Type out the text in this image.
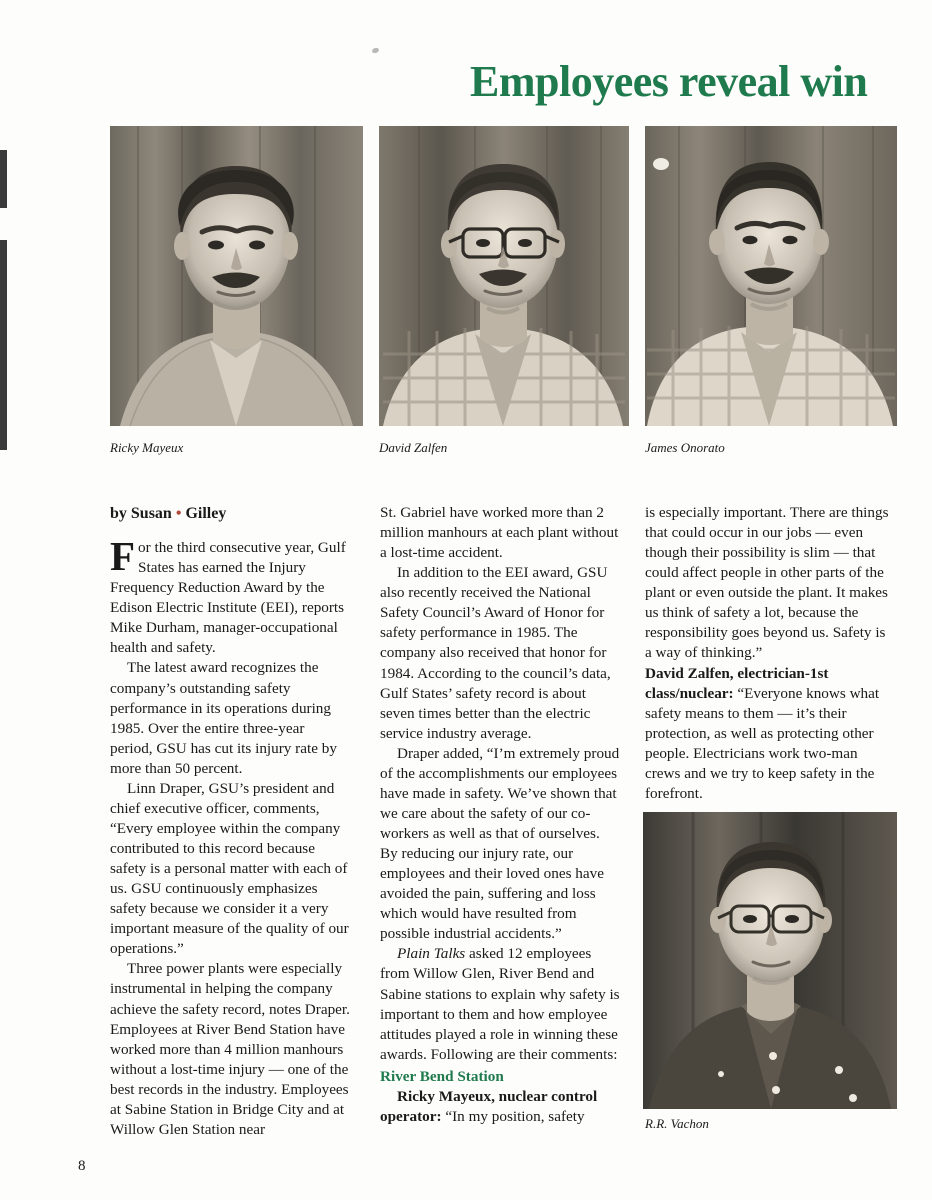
Employees reveal win
Ricky Mayeux	David Zalfen	James Onorato
R.R. Vachon

by Susan • Gilley

For the third consecutive year, Gulf States has earned the Injury Frequency Reduction Award by the Edison Electric Institute (EEI), reports Mike Durham, manager-occupational health and safety.

The latest award recognizes the company’s outstanding safety performance in its operations during 1985. Over the entire three-year period, GSU has cut its injury rate by more than 50 percent.

Linn Draper, GSU’s president and chief executive officer, comments, “Every employee within the company contributed to this record because safety is a personal matter with each of us. GSU continuously emphasizes safety because we consider it a very important measure of the quality of our operations.”

Three power plants were especially instrumental in helping the company achieve the safety record, notes Draper. Employees at River Bend Station have worked more than 4 million manhours without a lost-time injury — one of the best records in the industry. Employees at Sabine Station in Bridge City and at Willow Glen Station near

St. Gabriel have worked more than 2 million manhours at each plant without a lost-time accident.

In addition to the EEI award, GSU also recently received the National Safety Council’s Award of Honor for safety performance in 1985. The company also received that honor for 1984. According to the council’s data, Gulf States’ safety record is about seven times better than the electric service industry average.

Draper added, “I’m extremely proud of the accomplishments our employees have made in safety. We’ve shown that we care about the safety of our co-workers as well as that of ourselves. By reducing our injury rate, our employees and their loved ones have avoided the pain, suffering and loss which would have resulted from possible industrial accidents.”

Plain Talks asked 12 employees from Willow Glen, River Bend and Sabine stations to explain why safety is important to them and how employee attitudes played a role in winning these awards. Following are their comments:

River Bend Station

Ricky Mayeux, nuclear control operator: “In my position, safety

is especially important. There are things that could occur in our jobs — even though their possibility is slim — that could affect people in other parts of the plant or even outside the plant. It makes us think of safety a lot, because the responsibility goes beyond us. Safety is a way of thinking.”

David Zalfen, electrician-1st class/nuclear: “Everyone knows what safety means to them — it’s their protection, as well as protecting other people. Electricians work two-man crews and we try to keep safety in the forefront.

8
